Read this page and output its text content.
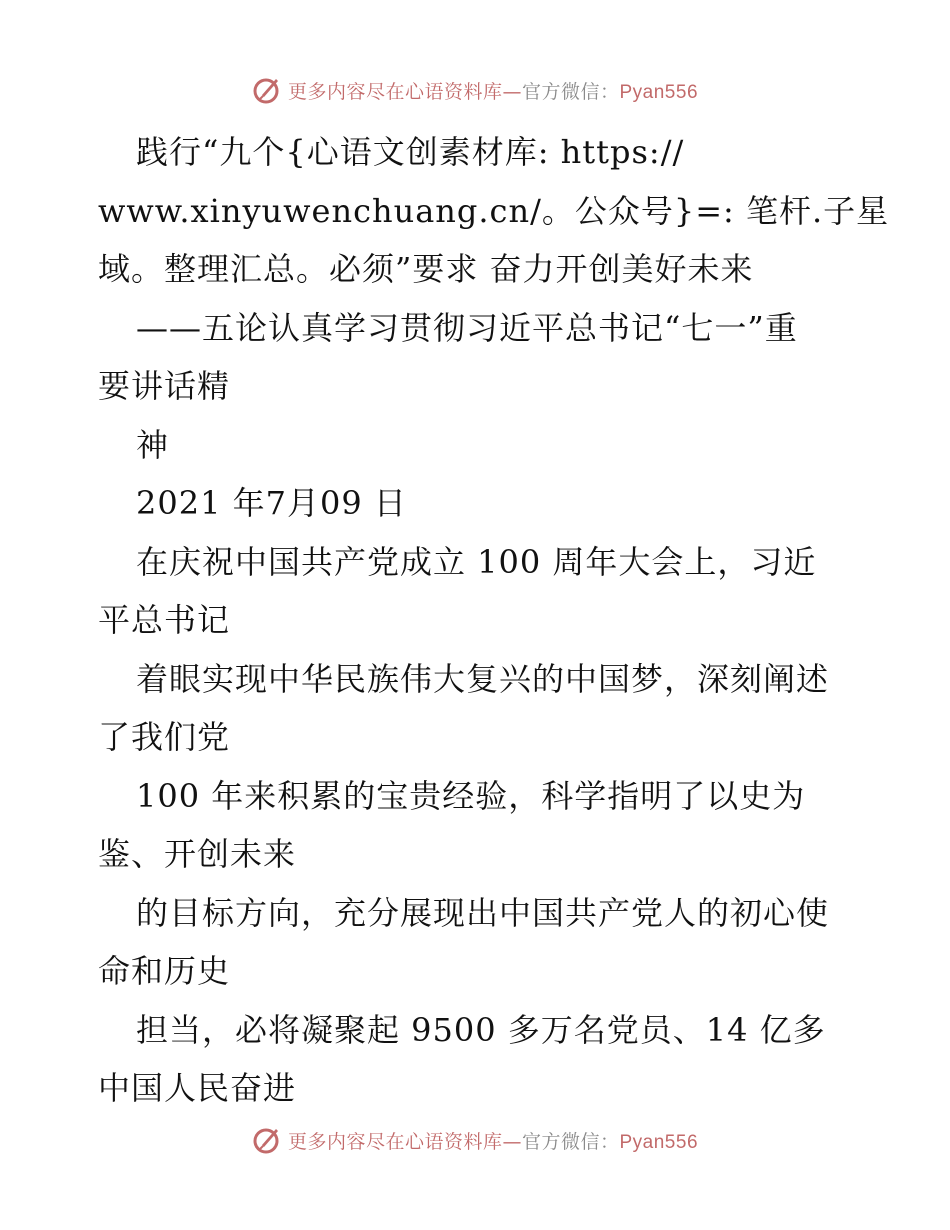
更多内容尽在心语资料库—官方微信：Pyan556
践行“九个{心语文创素材库: https://
www.xinyuwenchuang.cn/。公众号}=: 笔杆.子星
域。整理汇总。必须”要求 奋力开创美好未来
——五论认真学习贯彻习近平总书记“七一”重
要讲话精
神
2021 年7月09 日
在庆祝中国共产党成立 100 周年大会上，习近
平总书记
着眼实现中华民族伟大复兴的中国梦，深刻阐述
了我们党
100 年来积累的宝贵经验，科学指明了以史为
鉴、开创未来
的目标方向，充分展现出中国共产党人的初心使
命和历史
担当，必将凝聚起 9500 多万名党员、14 亿多
中国人民奋进
更多内容尽在心语资料库—官方微信：Pyan556
